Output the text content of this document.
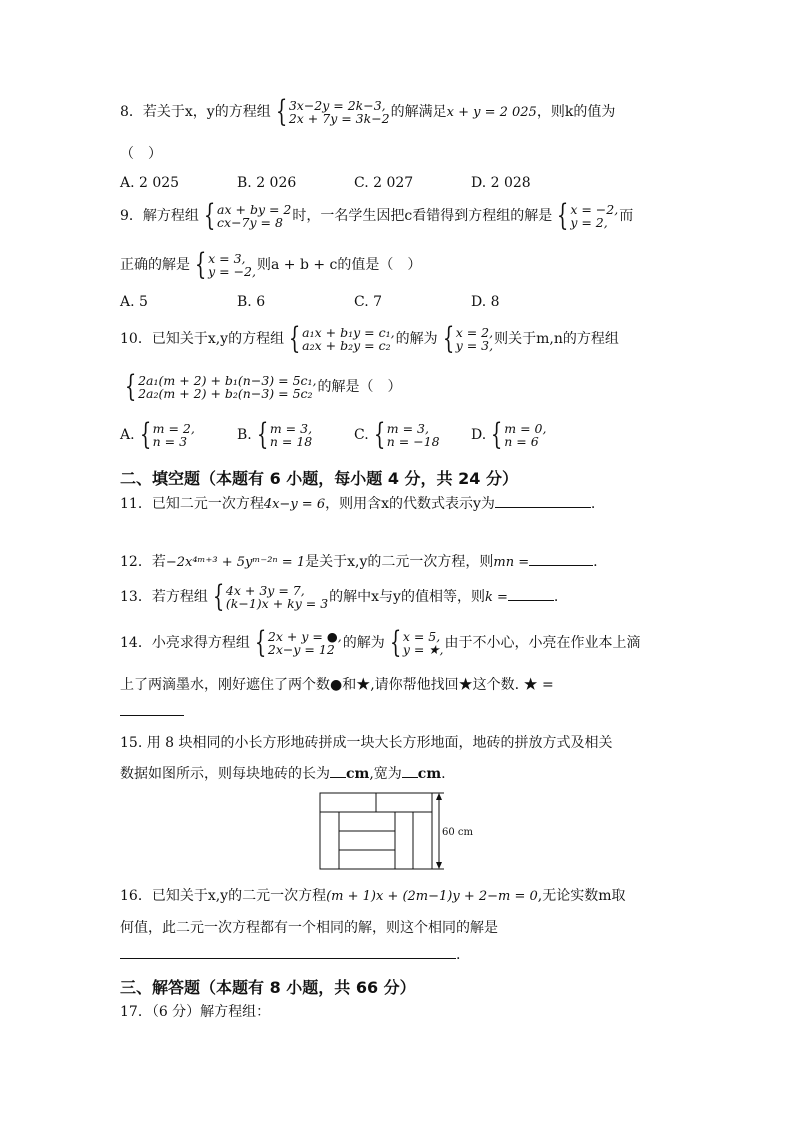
8．若关于x，y的方程组 { 3x−2y = 2k−3,
2x + 7y = 3k−2 的解满足x + y = 2 025，则k的值为
（　）
A. 2 025	B. 2 026	C. 2 027	D. 2 028
9．解方程组 { ax + by = 2
cx−7y = 8 时，一名学生因把c看错得到方程组的解是 { x = −2,
y = 2, 而
正确的解是 { x = 3,
y = −2, 则a + b + c的值是（　）
A. 5	B. 6	C. 7	D. 8
10．已知关于x,y的方程组 { a₁x + b₁y = c₁,
a₂x + b₂y = c₂ 的解为 { x = 2,
y = 3, 则关于m,n的方程组
{ 2a₁(m + 2) + b₁(n−3) = 5c₁,
2a₂(m + 2) + b₂(n−3) = 5c₂ 的解是（　）
A. { m = 2,
n = 3	B. { m = 3,
n = 18	C. { m = 3,
n = −18 D. { m = 0,
n = 6
二、填空题（本题有 6 小题，每小题 4 分，共 24 分）
11．已知二元一次方程4x−y = 6，则用含x的代数式表示y为	.
12．若−2x⁴ᵐ⁺³ + 5yᵐ⁻²ⁿ = 1是关于x,y的二元一次方程，则mn =	.
13．若方程组 { 4x + 3y = 7,
(k−1)x + ky = 3 的解中x与y的值相等，则k =	.
14．小亮求得方程组 { 2x + y = ●,
2x−y = 12 的解为 { x = 5,
y = ★, 由于不小心，小亮在作业本上滴
上了两滴墨水，刚好遮住了两个数●和★,请你帮他找回★这个数. ★ =
15. 用 8 块相同的小长方形地砖拼成一块大长方形地面，地砖的拼放方式及相关
数据如图所示，则每块地砖的长为 cm,宽为 cm.
60 cm
16．已知关于x,y的二元一次方程(m + 1)x + (2m−1)y + 2−m = 0,无论实数m取
何值，此二元一次方程都有一个相同的解，则这个相同的解是
.
三、解答题（本题有 8 小题，共 66 分）
17．（6 分）解方程组：
